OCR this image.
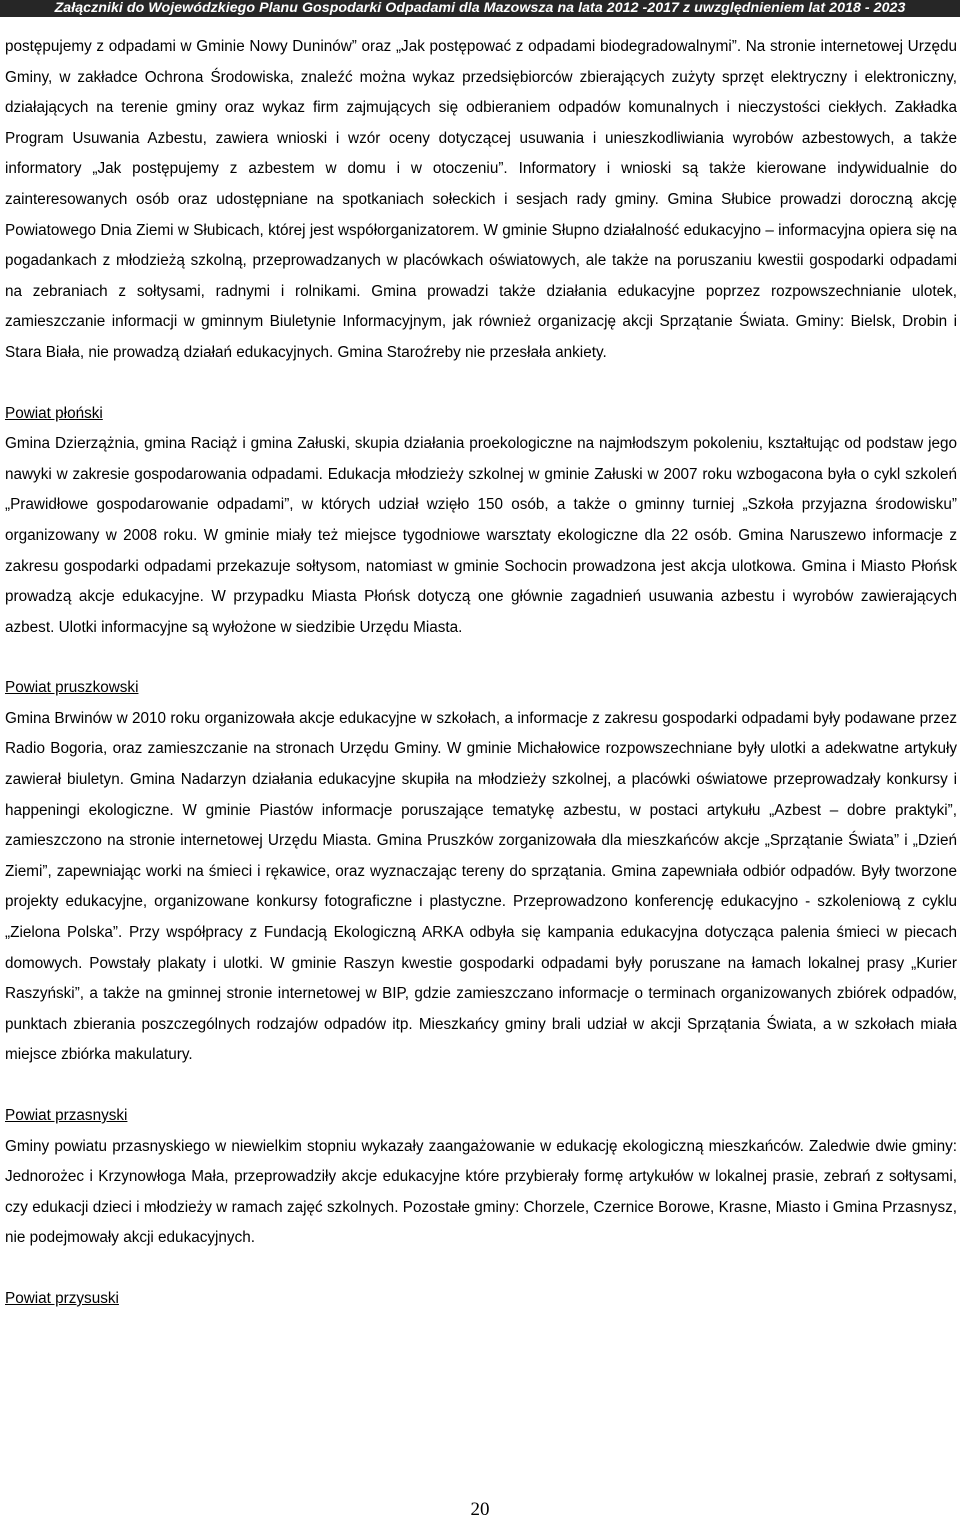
Załączniki do Wojewódzkiego Planu Gospodarki Odpadami dla Mazowsza na lata 2012 -2017 z uwzględnieniem lat 2018 - 2023

postępujemy z odpadami w Gminie Nowy Duninów” oraz „Jak postępować z odpadami biodegradowalnymi”. Na stronie internetowej Urzędu Gminy, w zakładce Ochrona Środowiska, znaleźć można wykaz przedsiębiorców zbierających zużyty sprzęt elektryczny i elektroniczny, działających na terenie gminy oraz wykaz firm zajmujących się odbieraniem odpadów komunalnych i nieczystości ciekłych. Zakładka Program Usuwania Azbestu, zawiera wnioski i wzór oceny dotyczącej usuwania i unieszkodliwiania wyrobów azbestowych, a także informatory „Jak postępujemy z azbestem w domu i w otoczeniu”. Informatory i wnioski są także kierowane indywidualnie do zainteresowanych osób oraz udostępniane na spotkaniach sołeckich i sesjach rady gminy. Gmina Słubice prowadzi doroczną akcję Powiatowego Dnia Ziemi w Słubicach, której jest współorganizatorem. W gminie Słupno działalność edukacyjno – informacyjna opiera się na pogadankach z młodzieżą szkolną, przeprowadzanych w placówkach oświatowych, ale także na poruszaniu kwestii gospodarki odpadami na zebraniach z sołtysami, radnymi i rolnikami. Gmina prowadzi także działania edukacyjne poprzez rozpowszechnianie ulotek, zamieszczanie informacji w gminnym Biuletynie Informacyjnym, jak również organizację akcji Sprzątanie Świata. Gminy: Bielsk, Drobin i Stara Biała, nie prowadzą działań edukacyjnych. Gmina Staroźreby nie przesłała ankiety.

Powiat płoński

Gmina Dzierzążnia, gmina Raciąż i gmina Załuski, skupia działania proekologiczne na najmłodszym pokoleniu, kształtując od podstaw jego nawyki w zakresie gospodarowania odpadami. Edukacja młodzieży szkolnej w gminie Załuski w 2007 roku wzbogacona była o cykl szkoleń „Prawidłowe gospodarowanie odpadami”, w których udział wzięło 150 osób, a także o gminny turniej „Szkoła przyjazna środowisku” organizowany w 2008 roku. W gminie miały też miejsce tygodniowe warsztaty ekologiczne dla 22 osób. Gmina Naruszewo informacje z zakresu gospodarki odpadami przekazuje sołtysom, natomiast w gminie Sochocin prowadzona jest akcja ulotkowa. Gmina i Miasto Płońsk prowadzą akcje edukacyjne. W przypadku Miasta Płońsk dotyczą one głównie zagadnień usuwania azbestu i wyrobów zawierających azbest. Ulotki informacyjne są wyłożone w siedzibie Urzędu Miasta.

Powiat pruszkowski

Gmina Brwinów w 2010 roku organizowała akcje edukacyjne w szkołach, a informacje z zakresu gospodarki odpadami były podawane przez Radio Bogoria, oraz zamieszczanie na stronach Urzędu Gminy. W gminie Michałowice rozpowszechniane były ulotki a adekwatne artykuły zawierał biuletyn. Gmina Nadarzyn działania edukacyjne skupiła na młodzieży szkolnej, a placówki oświatowe przeprowadzały konkursy i happeningi ekologiczne. W gminie Piastów informacje poruszające tematykę azbestu, w postaci artykułu „Azbest – dobre praktyki”, zamieszczono na stronie internetowej Urzędu Miasta. Gmina Pruszków zorganizowała dla mieszkańców akcje „Sprzątanie Świata” i „Dzień Ziemi”, zapewniając worki na śmieci i rękawice, oraz wyznaczając tereny do sprzątania. Gmina zapewniała odbiór odpadów. Były tworzone projekty edukacyjne, organizowane konkursy fotograficzne i plastyczne. Przeprowadzono konferencję edukacyjno - szkoleniową z cyklu „Zielona Polska”. Przy współpracy z Fundacją Ekologiczną ARKA odbyła się kampania edukacyjna dotycząca palenia śmieci w piecach domowych. Powstały plakaty i ulotki. W gminie Raszyn kwestie gospodarki odpadami były poruszane na łamach lokalnej prasy „Kurier Raszyński”, a także na gminnej stronie internetowej w BIP, gdzie zamieszczano informacje o terminach organizowanych zbiórek odpadów, punktach zbierania poszczególnych rodzajów odpadów itp. Mieszkańcy gminy brali udział w akcji Sprzątania Świata, a w szkołach miała miejsce zbiórka makulatury.

Powiat przasnyski

Gminy powiatu przasnyskiego w niewielkim stopniu wykazały zaangażowanie w edukację ekologiczną mieszkańców. Zaledwie dwie gminy: Jednorożec i Krzynowłoga Mała, przeprowadziły akcje edukacyjne które przybierały formę artykułów w lokalnej prasie, zebrań z sołtysami, czy edukacji dzieci i młodzieży w ramach zajęć szkolnych. Pozostałe gminy: Chorzele, Czernice Borowe, Krasne, Miasto i Gmina Przasnysz, nie podejmowały akcji edukacyjnych.

Powiat przysuski
20
